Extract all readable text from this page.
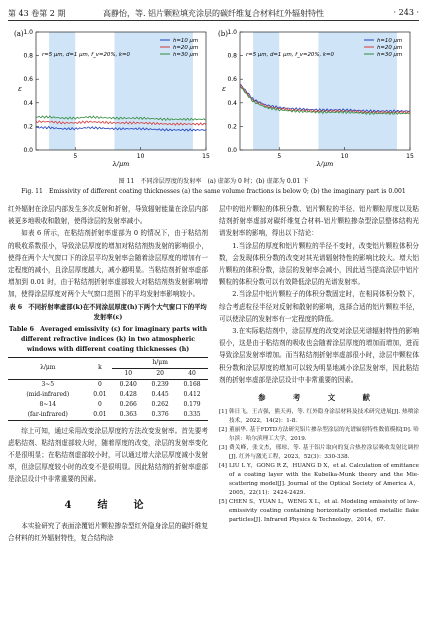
第 43 卷第 2 期	高静怡，等. 铝片颗粒填充涂层的碳纤维复合材料红外辐射特性	· 243 ·
0.0
0.2
0.4
0.6
0.8
1.0
5	10	15
λ/μm
ε
(a)
r=5 μm, d=1 μm, f_v=20%, k=0
h=10 μm
h=20 μm
h=30 μm
0.0
0.2
0.4
0.6
0.8
1.0
5	10	15
λ/μm
ε
(b)
r=5 μm, d=1 μm, f_v=20%, k=0
h=10 μm
h=20 μm
h=30 μm
图 11　不同涂层厚度的发射率　(a) 虚部为 0 时；(b) 虚部为 0.01 下
Fig. 11　Emissivity of different coating thicknesses (a) the same volume fractions is below 0; (b) the imaginary part is 0.001

红外辐射在涂层内部发生多次反射和折射，导致辐射能量在涂层内部被更多地吸收和散射，使得涂层的发射率减小。

如表 6 所示，在粘结剂折射率虚部为 0 的情况下，由于粘结剂的吸收系数很小，导致涂层厚度的增加对粘结剂热发射的影响很小，使得在两个大气窗口下的涂层平均发射率会随着涂层厚度的增加有一定程度的减小，且涂层厚度越大，减小越明显。当粘结剂折射率虚部增加到 0.01 时，由于粘结剂折射率虚部较大对粘结剂热发射影响增加，使得涂层厚度对两个大气窗口范围下的平均发射率影响较小。

表 6　不同折射率虚部(k)在不同涂层厚度(h)下两个大气窗口下的平均发射率(ε)
Table 6　Averaged emissivity (ε) for imaginary parts with different refractive indices (k) in two atmospheric windows with different coating thicknesses (h)
λ/μm	k	h/μm		
		10	20	40
3~5	0	0.240	0.239	0.168
(mid-infrared)	0.01	0.428	0.445	0.412
8~14	0	0.266	0.262	0.179
(far-infrared)	0.01	0.363	0.376	0.335

综上可知，通过采用改变涂层厚度的方法改变发射率。首先要考虑粘结剂、粘结剂虚部较大时，随着厚度的改变，涂层的发射率变化不是很明显；在粘结剂虚部较小时，可以通过增大涂层厚度减小发射率，但涂层厚度较小时的改变不是很明显。因此粘结剂的折射率虚部是涂层设计中非常重要的因素。

4　结　论

本实验研究了表面涂覆铝片颗粒掺杂型红外隐身涂层的碳纤维复合材料的红外辐射特性，复合结构涂

层中的铝片颗粒的体积分数、铝片颗粒的半径、铝片颗粒厚度以及粘结剂折射率虚部对碳纤维复合材料-铝片颗粒掺杂型涂层整体结构光谱发射率的影响，得出以下结论：

1.当涂层的厚度和铝片颗粒的半径不变时，改变铝片颗粒体积分数，会发现体积分数的改变对其光谱辐射特性的影响比较大。增大铝片颗粒的体积分数，涂层的发射率会减小，因此适当提高涂层中铝片颗粒的体积分数可以有效降低涂层的光谱发射率。

2.当涂层中铝片颗粒子的体积分数固定时，在相同体积分数下，综合考虑粒径半径对反射和散射的影响，选择合适的铝片颗粒半径，可以使涂层的发射率有一定程度的降低。

3.在实际粘结剂中，涂层厚度的改变对涂层光谱辐射特性的影响很小，这是由于粘结剂的吸收也会随着涂层厚度的增加而增加，进而导致涂层发射率增加。而当粘结剂折射率虚部很小时，涂层中颗粒体积分数和涂层厚度的增加可以较为明显地减小涂层发射率，因此粘结剂的折射率虚部是涂层设计中非常重要的因素。

参　考　文　献
[1] 韩日飞，王吉强，熊天再，等. 红外隐身涂层材料及技术研究进展[J]. 热喷涂技术，2022，14(2)：1-8.
[2] 董丽华. 基于FDTD方法研究铝片掺杂型涂层的光谱辐射特性数值模拟[D]. 哈尔滨：哈尔滨理工大学，2019.
[3] 费关峰，张文杰，邢琼，等. 基于铝片取向的复合热控涂层吸收发射比调控[J]. 红外与激光工程，2023，52(3)：330-338.
[4] LIU L Y，GONG R Z，HUANG D X，et al. Calculation of emittance of a coating layer with the Kubelka-Munk theory and the Mie-scattering model[J]. Journal of the Optical Society of America A，2005，22(11)：2424-2429.
[5] CHEN S，YUAN L，WENG X L，et al. Modeling emissivity of low-emissivity coating containing horizontally oriented metallic flake particles[J]. Infrared Physics & Technology，2014，67.
